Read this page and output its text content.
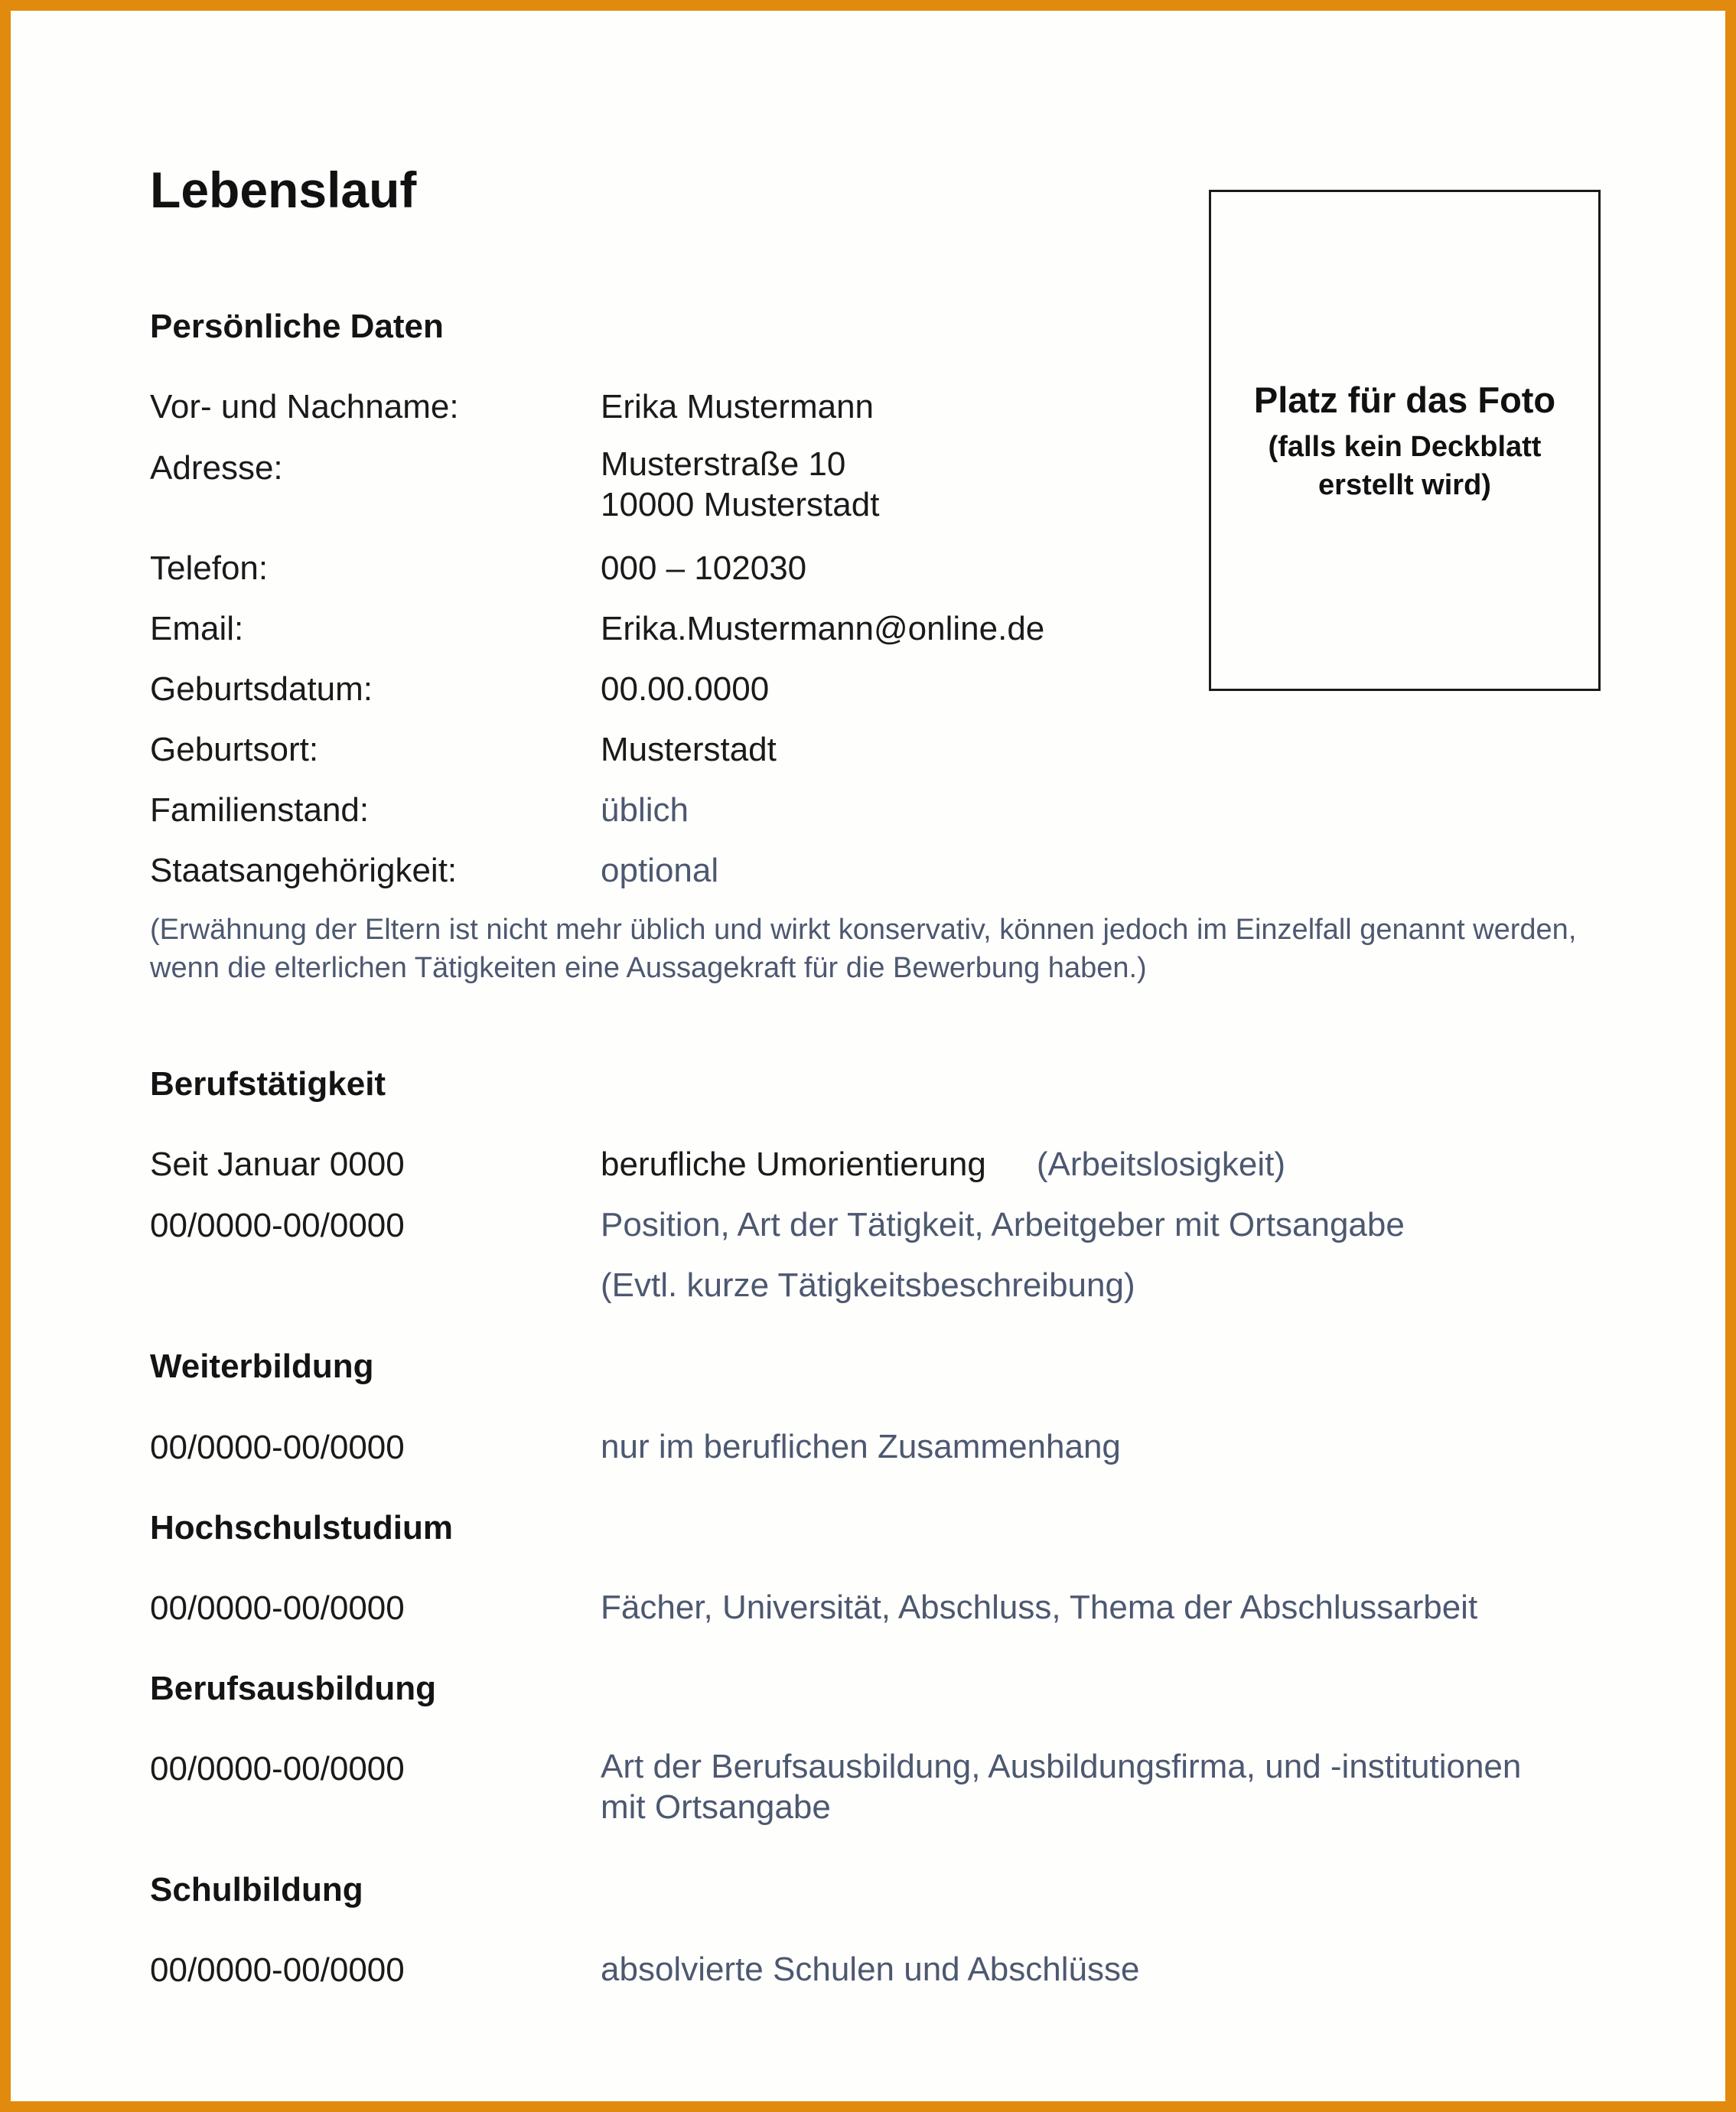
Lebenslauf
Platz für das Foto
(falls kein Deckblatt erstellt wird)
Persönliche Daten
Vor- und Nachname:	Erika Mustermann
Adresse:	Musterstraße 10
10000 Musterstadt
Telefon:	000 – 102030
Email:	Erika.Mustermann@online.de
Geburtsdatum:	00.00.0000
Geburtsort:	Musterstadt
Familienstand:	üblich
Staatsangehörigkeit:	optional
(Erwähnung der Eltern ist nicht mehr üblich und wirkt konservativ, können jedoch im Einzelfall genannt werden, wenn die elterlichen Tätigkeiten eine Aussagekraft für die Bewerbung haben.)
Berufstätigkeit
Seit Januar 0000	berufliche Umorientierung (Arbeitslosigkeit)
00/0000-00/0000	Position, Art der Tätigkeit, Arbeitgeber mit Ortsangabe
(Evtl. kurze Tätigkeitsbeschreibung)
Weiterbildung
00/0000-00/0000	nur im beruflichen Zusammenhang
Hochschulstudium
00/0000-00/0000	Fächer, Universität, Abschluss, Thema der Abschlussarbeit
Berufsausbildung
00/0000-00/0000	Art der Berufsausbildung, Ausbildungsfirma, und -institutionen
mit Ortsangabe
Schulbildung
00/0000-00/0000	absolvierte Schulen und Abschlüsse
